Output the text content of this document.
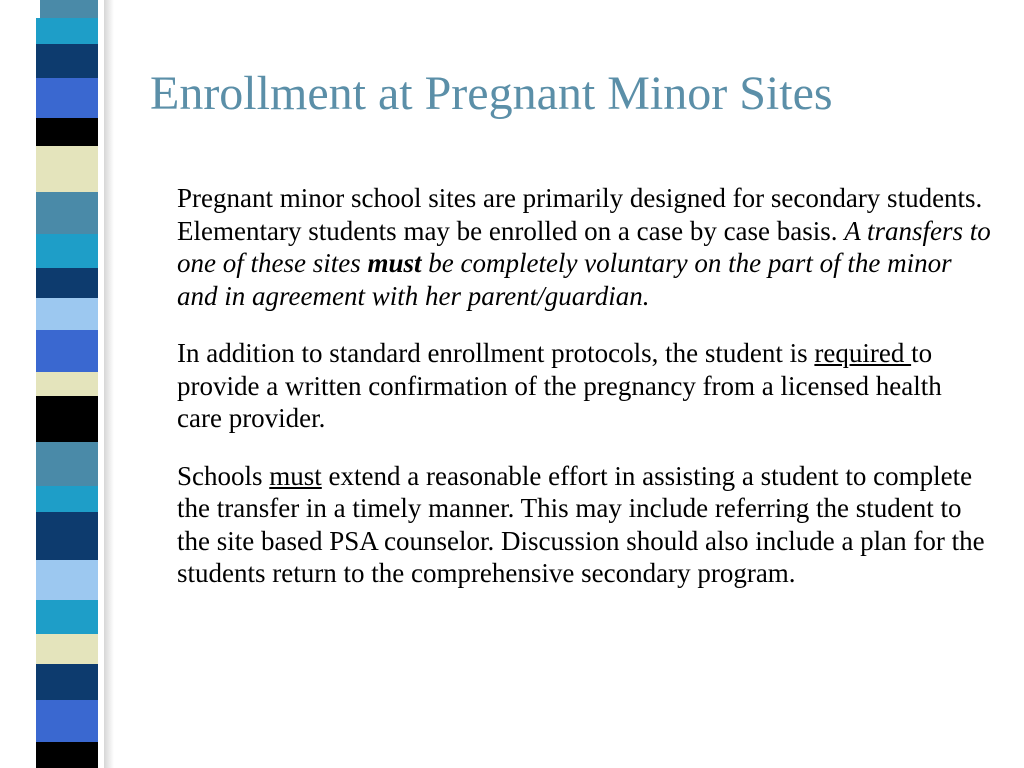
Enrollment at Pregnant Minor Sites

Pregnant minor school sites are primarily designed for secondary students. Elementary students may be enrolled on a case by case basis. A transfers to one of these sites must be completely voluntary on the part of the minor and in agreement with her parent/guardian.

In addition to standard enrollment protocols, the student is required to provide a written confirmation of the pregnancy from a licensed health care provider.

Schools must extend a reasonable effort in assisting a student to complete the transfer in a timely manner. This may include referring the student to the site based PSA counselor. Discussion should also include a plan for the students return to the comprehensive secondary program.
